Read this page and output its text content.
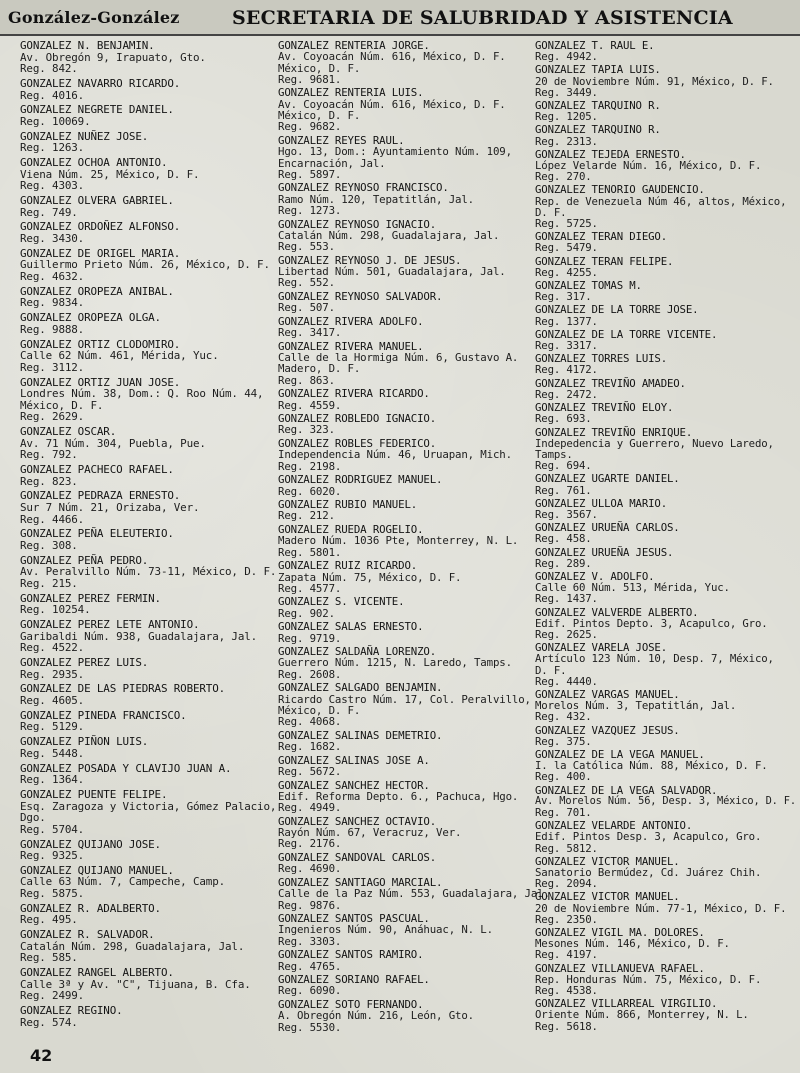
González-González	SECRETARIA DE SALUBRIDAD Y ASISTENCIA
GONZALEZ N. BENJAMIN.
Av. Obregón 9, Irapuato, Gto.
Reg. 842.
GONZALEZ NAVARRO RICARDO.
Reg. 4016.
GONZALEZ NEGRETE DANIEL.
Reg. 10069.
GONZALEZ NUÑEZ JOSE.
Reg. 1263.
GONZALEZ OCHOA ANTONIO.
Viena Núm. 25, México, D. F.
Reg. 4303.
GONZALEZ OLVERA GABRIEL.
Reg. 749.
GONZALEZ ORDOÑEZ ALFONSO.
Reg. 3430.
GONZALEZ DE ORIGEL MARIA.
Guillermo Prieto Núm. 26, México, D. F.
Reg. 4632.
GONZALEZ OROPEZA ANIBAL.
Reg. 9834.
GONZALEZ OROPEZA OLGA.
Reg. 9888.
GONZALEZ ORTIZ CLODOMIRO.
Calle 62 Núm. 461, Mérida, Yuc.
Reg. 3112.
GONZALEZ ORTIZ JUAN JOSE.
Londres Núm. 38, Dom.: Q. Roo Núm. 44,
México, D. F.
Reg. 2629.
GONZALEZ OSCAR.
Av. 71 Núm. 304, Puebla, Pue.
Reg. 792.
GONZALEZ PACHECO RAFAEL.
Reg. 823.
GONZALEZ PEDRAZA ERNESTO.
Sur 7 Núm. 21, Orizaba, Ver.
Reg. 4466.
GONZALEZ PEÑA ELEUTERIO.
Reg. 308.
GONZALEZ PEÑA PEDRO.
Av. Peralvillo Núm. 73-11, México, D. F.
Reg. 215.
GONZALEZ PEREZ FERMIN.
Reg. 10254.
GONZALEZ PEREZ LETE ANTONIO.
Garibaldi Núm. 938, Guadalajara, Jal.
Reg. 4522.
GONZALEZ PEREZ LUIS.
Reg. 2935.
GONZALEZ DE LAS PIEDRAS ROBERTO.
Reg. 4605.
GONZALEZ PINEDA FRANCISCO.
Reg. 5129.
GONZALEZ PIÑON LUIS.
Reg. 5448.
GONZALEZ POSADA Y CLAVIJO JUAN A.
Reg. 1364.
GONZALEZ PUENTE FELIPE.
Esq. Zaragoza y Victoria, Gómez Palacio,
Dgo.
Reg. 5704.
GONZALEZ QUIJANO JOSE.
Reg. 9325.
GONZALEZ QUIJANO MANUEL.
Calle 63 Núm. 7, Campeche, Camp.
Reg. 5875.
GONZALEZ R. ADALBERTO.
Reg. 495.
GONZALEZ R. SALVADOR.
Catalán Núm. 298, Guadalajara, Jal.
Reg. 585.
GONZALEZ RANGEL ALBERTO.
Calle 3ª y Av. "C", Tijuana, B. Cfa.
Reg. 2499.
GONZALEZ REGINO.
Reg. 574.
GONZALEZ RENTERIA JORGE.
Av. Coyoacán Núm. 616, México, D. F.
México, D. F.
Reg. 9681.
GONZALEZ RENTERIA LUIS.
Av. Coyoacán Núm. 616, México, D. F.
México, D. F.
Reg. 9682.
GONZALEZ REYES RAUL.
Hgo. 13, Dom.: Ayuntamiento Núm. 109,
Encarnación, Jal.
Reg. 5897.
GONZALEZ REYNOSO FRANCISCO.
Ramo Núm. 120, Tepatitlán, Jal.
Reg. 1273.
GONZALEZ REYNOSO IGNACIO.
Catalán Núm. 298, Guadalajara, Jal.
Reg. 553.
GONZALEZ REYNOSO J. DE JESUS.
Libertad Núm. 501, Guadalajara, Jal.
Reg. 552.
GONZALEZ REYNOSO SALVADOR.
Reg. 507.
GONZALEZ RIVERA ADOLFO.
Reg. 3417.
GONZALEZ RIVERA MANUEL.
Calle de la Hormiga Núm. 6, Gustavo A.
Madero, D. F.
Reg. 863.
GONZALEZ RIVERA RICARDO.
Reg. 4559.
GONZALEZ ROBLEDO IGNACIO.
Reg. 323.
GONZALEZ ROBLES FEDERICO.
Independencia Núm. 46, Uruapan, Mich.
Reg. 2198.
GONZALEZ RODRIGUEZ MANUEL.
Reg. 6020.
GONZALEZ RUBIO MANUEL.
Reg. 212.
GONZALEZ RUEDA ROGELIO.
Madero Núm. 1036 Pte, Monterrey, N. L.
Reg. 5801.
GONZALEZ RUIZ RICARDO.
Zapata Núm. 75, México, D. F.
Reg. 4577.
GONZALEZ S. VICENTE.
Reg. 902.
GONZALEZ SALAS ERNESTO.
Reg. 9719.
GONZALEZ SALDAÑA LORENZO.
Guerrero Núm. 1215, N. Laredo, Tamps.
Reg. 2608.
GONZALEZ SALGADO BENJAMIN.
Ricardo Castro Núm. 17, Col. Peralvillo,
México, D. F.
Reg. 4068.
GONZALEZ SALINAS DEMETRIO.
Reg. 1682.
GONZALEZ SALINAS JOSE A.
Reg. 5672.
GONZALEZ SANCHEZ HECTOR.
Edif. Reforma Depto. 6., Pachuca, Hgo.
Reg. 4949.
GONZALEZ SANCHEZ OCTAVIO.
Rayón Núm. 67, Veracruz, Ver.
Reg. 2176.
GONZALEZ SANDOVAL CARLOS.
Reg. 4690.
GONZALEZ SANTIAGO MARCIAL.
Calle de la Paz Núm. 553, Guadalajara, Jal.
Reg. 9876.
GONZALEZ SANTOS PASCUAL.
Ingenieros Núm. 90, Anáhuac, N. L.
Reg. 3303.
GONZALEZ SANTOS RAMIRO.
Reg. 4765.
GONZALEZ SORIANO RAFAEL.
Reg. 6090.
GONZALEZ SOTO FERNANDO.
A. Obregón Núm. 216, León, Gto.
Reg. 5530.
GONZALEZ T. RAUL E.
Reg. 4942.
GONZALEZ TAPIA LUIS.
20 de Noviembre Núm. 91, México, D. F.
Reg. 3449.
GONZALEZ TARQUINO R.
Reg. 1205.
GONZALEZ TARQUINO R.
Reg. 2313.
GONZALEZ TEJEDA ERNESTO.
López Velarde Núm. 16, México, D. F.
Reg. 270.
GONZALEZ TENORIO GAUDENCIO.
Rep. de Venezuela Núm 46, altos, México,
D. F.
Reg. 5725.
GONZALEZ TERAN DIEGO.
Reg. 5479.
GONZALEZ TERAN FELIPE.
Reg. 4255.
GONZALEZ TOMAS M.
Reg. 317.
GONZALEZ DE LA TORRE JOSE.
Reg. 1377.
GONZALEZ DE LA TORRE VICENTE.
Reg. 3317.
GONZALEZ TORRES LUIS.
Reg. 4172.
GONZALEZ TREVIÑO AMADEO.
Reg. 2472.
GONZALEZ TREVIÑO ELOY.
Reg. 693.
GONZALEZ TREVIÑO ENRIQUE.
Indepedencia y Guerrero, Nuevo Laredo,
Tamps.
Reg. 694.
GONZALEZ UGARTE DANIEL.
Reg. 761.
GONZALEZ ULLOA MARIO.
Reg. 3567.
GONZALEZ URUEÑA CARLOS.
Reg. 458.
GONZALEZ URUEÑA JESUS.
Reg. 289.
GONZALEZ V. ADOLFO.
Calle 60 Núm. 513, Mérida, Yuc.
Reg. 1437.
GONZALEZ VALVERDE ALBERTO.
Edif. Pintos Depto. 3, Acapulco, Gro.
Reg. 2625.
GONZALEZ VARELA JOSE.
Artículo 123 Núm. 10, Desp. 7, México,
D. F.
Reg. 4440.
GONZALEZ VARGAS MANUEL.
Morelos Núm. 3, Tepatitlán, Jal.
Reg. 432.
GONZALEZ VAZQUEZ JESUS.
Reg. 375.
GONZALEZ DE LA VEGA MANUEL.
I. la Católica Núm. 88, México, D. F.
Reg. 400.
GONZALEZ DE LA VEGA SALVADOR.
Av. Morelos Núm. 56, Desp. 3, México, D. F.
Reg. 701.
GONZALEZ VELARDE ANTONIO.
Edif. Pintos Desp. 3, Acapulco, Gro.
Reg. 5812.
GONZALEZ VICTOR MANUEL.
Sanatorio Bermúdez, Cd. Juárez Chih.
Reg. 2094.
GONZALEZ VICTOR MANUEL.
20 de Noviembre Núm. 77-1, México, D. F.
Reg. 2350.
GONZALEZ VIGIL MA. DOLORES.
Mesones Núm. 146, México, D. F.
Reg. 4197.
GONZALEZ VILLANUEVA RAFAEL.
Rep. Honduras Núm. 75, México, D. F.
Reg. 4538.
GONZALEZ VILLARREAL VIRGILIO.
Oriente Núm. 866, Monterrey, N. L.
Reg. 5618.
42
